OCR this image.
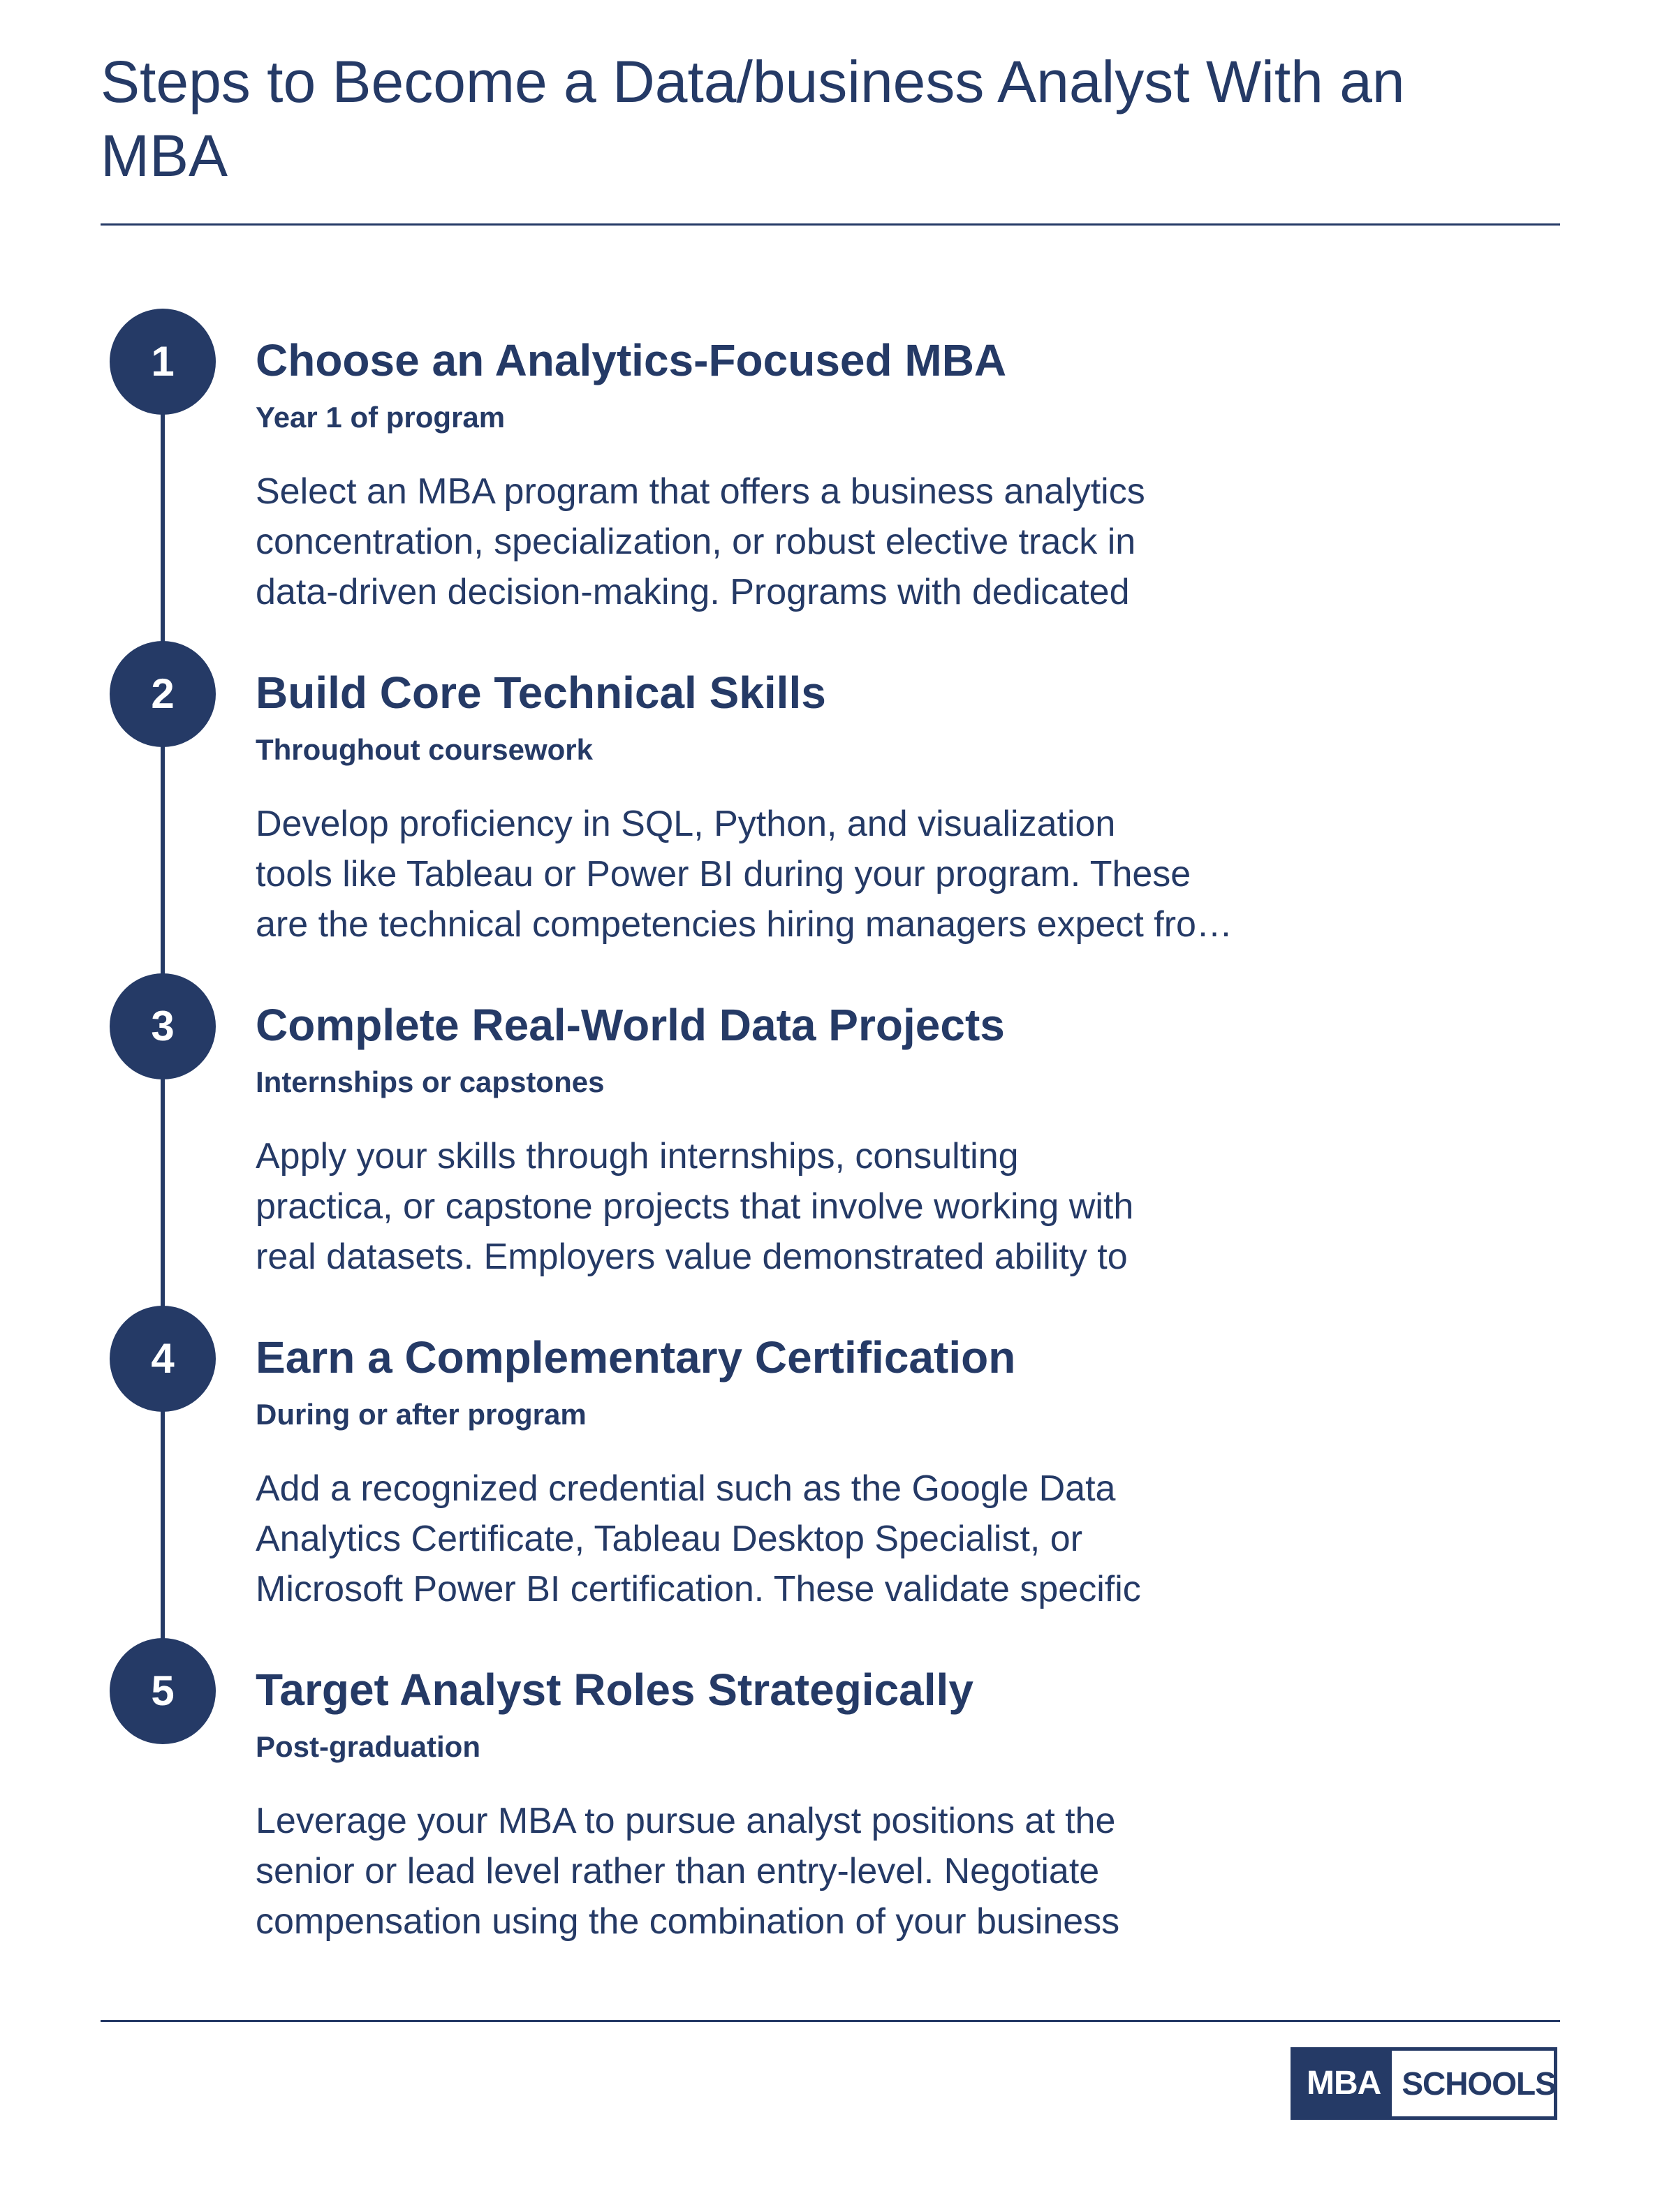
Steps to Become a Data/business Analyst With an MBA
1	Choose an Analytics-Focused MBA
Year 1 of program
Select an MBA program that offers a business analytics
concentration, specialization, or robust elective track in
data-driven decision-making. Programs with dedicated
2	Build Core Technical Skills
Throughout coursework
Develop proficiency in SQL, Python, and visualization
tools like Tableau or Power BI during your program. These
are the technical competencies hiring managers expect fro…
3	Complete Real-World Data Projects
Internships or capstones
Apply your skills through internships, consulting
practica, or capstone projects that involve working with
real datasets. Employers value demonstrated ability to
4	Earn a Complementary Certification
During or after program
Add a recognized credential such as the Google Data
Analytics Certificate, Tableau Desktop Specialist, or
Microsoft Power BI certification. These validate specific
5	Target Analyst Roles Strategically
Post-graduation
Leverage your MBA to pursue analyst positions at the
senior or lead level rather than entry-level. Negotiate
compensation using the combination of your business
MBA SCHOOLS
